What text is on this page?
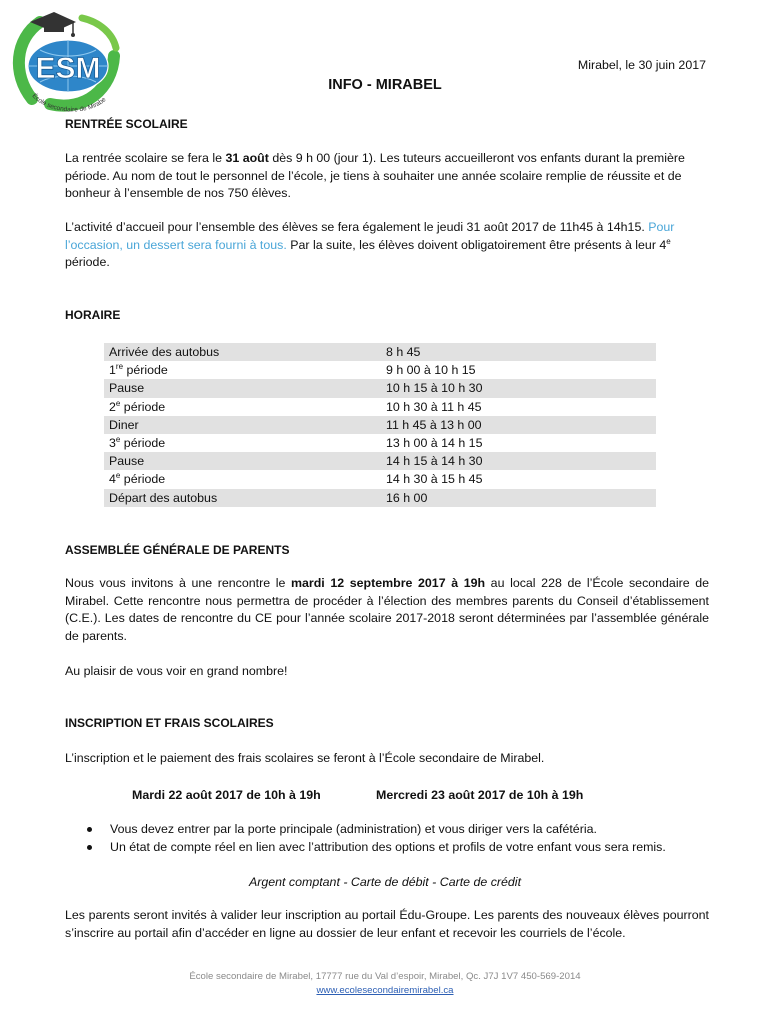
ESM
École secondaire de Mirabe
Mirabel, le 30 juin 2017
INFO - MIRABEL
RENTRÉE SCOLAIRE

La rentrée scolaire se fera le 31 août dès 9 h 00 (jour 1). Les tuteurs accueilleront vos enfants durant la première période. Au nom de tout le personnel de l’école, je tiens à souhaiter une année scolaire remplie de réussite et de bonheur à l’ensemble de nos 750 élèves.

L’activité d’accueil pour l’ensemble des élèves se fera également le jeudi 31 août 2017 de 11h45 à 14h15. Pour l’occasion, un dessert sera fourni à tous. Par la suite, les élèves doivent obligatoirement être présents à leur 4e période.

HORAIRE
Arrivée des autobus	8 h 45
1re période	9 h 00 à 10 h 15
Pause	10 h 15 à 10 h 30
2e période	10 h 30 à 11 h 45
Diner	11 h 45 à 13 h 00
3e période	13 h 00 à 14 h 15
Pause	14 h 15 à 14 h 30
4e période	14 h 30 à 15 h 45
Départ des autobus	16 h 00
ASSEMBLÉE GÉNÉRALE DE PARENTS

Nous vous invitons à une rencontre le mardi 12 septembre 2017 à 19h au local 228 de l’École secondaire de Mirabel. Cette rencontre nous permettra de procéder à l’élection des membres parents du Conseil d’établissement (C.E.). Les dates de rencontre du CE pour l’année scolaire 2017-2018 seront déterminées par l’assemblée générale de parents.

Au plaisir de vous voir en grand nombre!

INSCRIPTION ET FRAIS SCOLAIRES

L’inscription et le paiement des frais scolaires se feront à l’École secondaire de Mirabel.

Mardi 22 août 2017 de 10h à 19h	Mercredi 23 août 2017 de 10h à 19h
Vous devez entrer par la porte principale (administration) et vous diriger vers la cafétéria.
Un état de compte réel en lien avec l’attribution des options et profils de votre enfant vous sera remis.
Argent comptant - Carte de débit - Carte de crédit

Les parents seront invités à valider leur inscription au portail Édu-Groupe. Les parents des nouveaux élèves pourront s’inscrire au portail afin d’accéder en ligne au dossier de leur enfant et recevoir les courriels de l’école.

École secondaire de Mirabel, 17777 rue du Val d’espoir, Mirabel, Qc. J7J 1V7 450-569-2014
www.ecolesecondairemirabel.ca
